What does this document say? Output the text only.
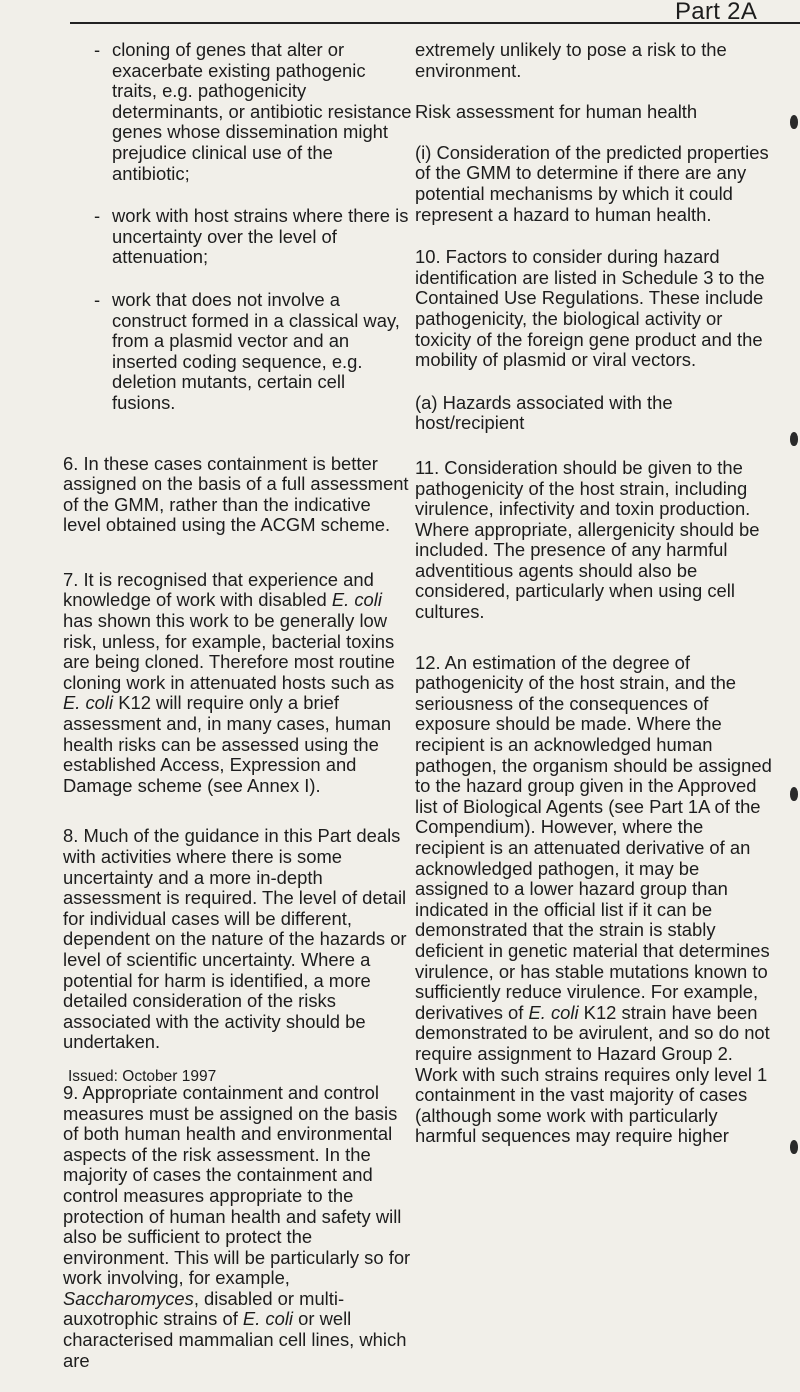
Part 2A
- cloning of genes that alter or exacerbate existing pathogenic traits, e.g. pathogenicity determinants, or antibiotic resistance genes whose dissemination might prejudice clinical use of the antibiotic;
- work with host strains where there is uncertainty over the level of attenuation;
- work that does not involve a construct formed in a classical way, from a plasmid vector and an inserted coding sequence, e.g. deletion mutants, certain cell fusions.

6. In these cases containment is better assigned on the basis of a full assessment of the GMM, rather than the indicative level obtained using the ACGM scheme.

7. It is recognised that experience and knowledge of work with disabled E. coli has shown this work to be generally low risk, unless, for example, bacterial toxins are being cloned. Therefore most routine cloning work in attenuated hosts such as E. coli K12 will require only a brief assessment and, in many cases, human health risks can be assessed using the established Access, Expression and Damage scheme (see Annex I).

8. Much of the guidance in this Part deals with activities where there is some uncertainty and a more in-depth assessment is required. The level of detail for individual cases will be different, dependent on the nature of the hazards or level of scientific uncertainty. Where a potential for harm is identified, a more detailed consideration of the risks associated with the activity should be undertaken.

9. Appropriate containment and control measures must be assigned on the basis of both human health and environmental aspects of the risk assessment. In the majority of cases the containment and control measures appropriate to the protection of human health and safety will also be sufficient to protect the environment. This will be particularly so for work involving, for example, Saccharomyces, disabled or multi-auxotrophic strains of E. coli or well characterised mammalian cell lines, which are

extremely unlikely to pose a risk to the environment.

Risk assessment for human health

(i) Consideration of the predicted properties of the GMM to determine if there are any potential mechanisms by which it could represent a hazard to human health.

10. Factors to consider during hazard identification are listed in Schedule 3 to the Contained Use Regulations. These include pathogenicity, the biological activity or toxicity of the foreign gene product and the mobility of plasmid or viral vectors.

(a) Hazards associated with the host/recipient

11. Consideration should be given to the pathogenicity of the host strain, including virulence, infectivity and toxin production. Where appropriate, allergenicity should be included. The presence of any harmful adventitious agents should also be considered, particularly when using cell cultures.

12. An estimation of the degree of pathogenicity of the host strain, and the seriousness of the consequences of exposure should be made. Where the recipient is an acknowledged human pathogen, the organism should be assigned to the hazard group given in the Approved list of Biological Agents (see Part 1A of the Compendium). However, where the recipient is an attenuated derivative of an acknowledged pathogen, it may be assigned to a lower hazard group than indicated in the official list if it can be demonstrated that the strain is stably deficient in genetic material that determines virulence, or has stable mutations known to sufficiently reduce virulence. For example, derivatives of E. coli K12 strain have been demonstrated to be avirulent, and so do not require assignment to Hazard Group 2. Work with such strains requires only level 1 containment in the vast majority of cases (although some work with particularly harmful sequences may require higher

Issued: October 1997
